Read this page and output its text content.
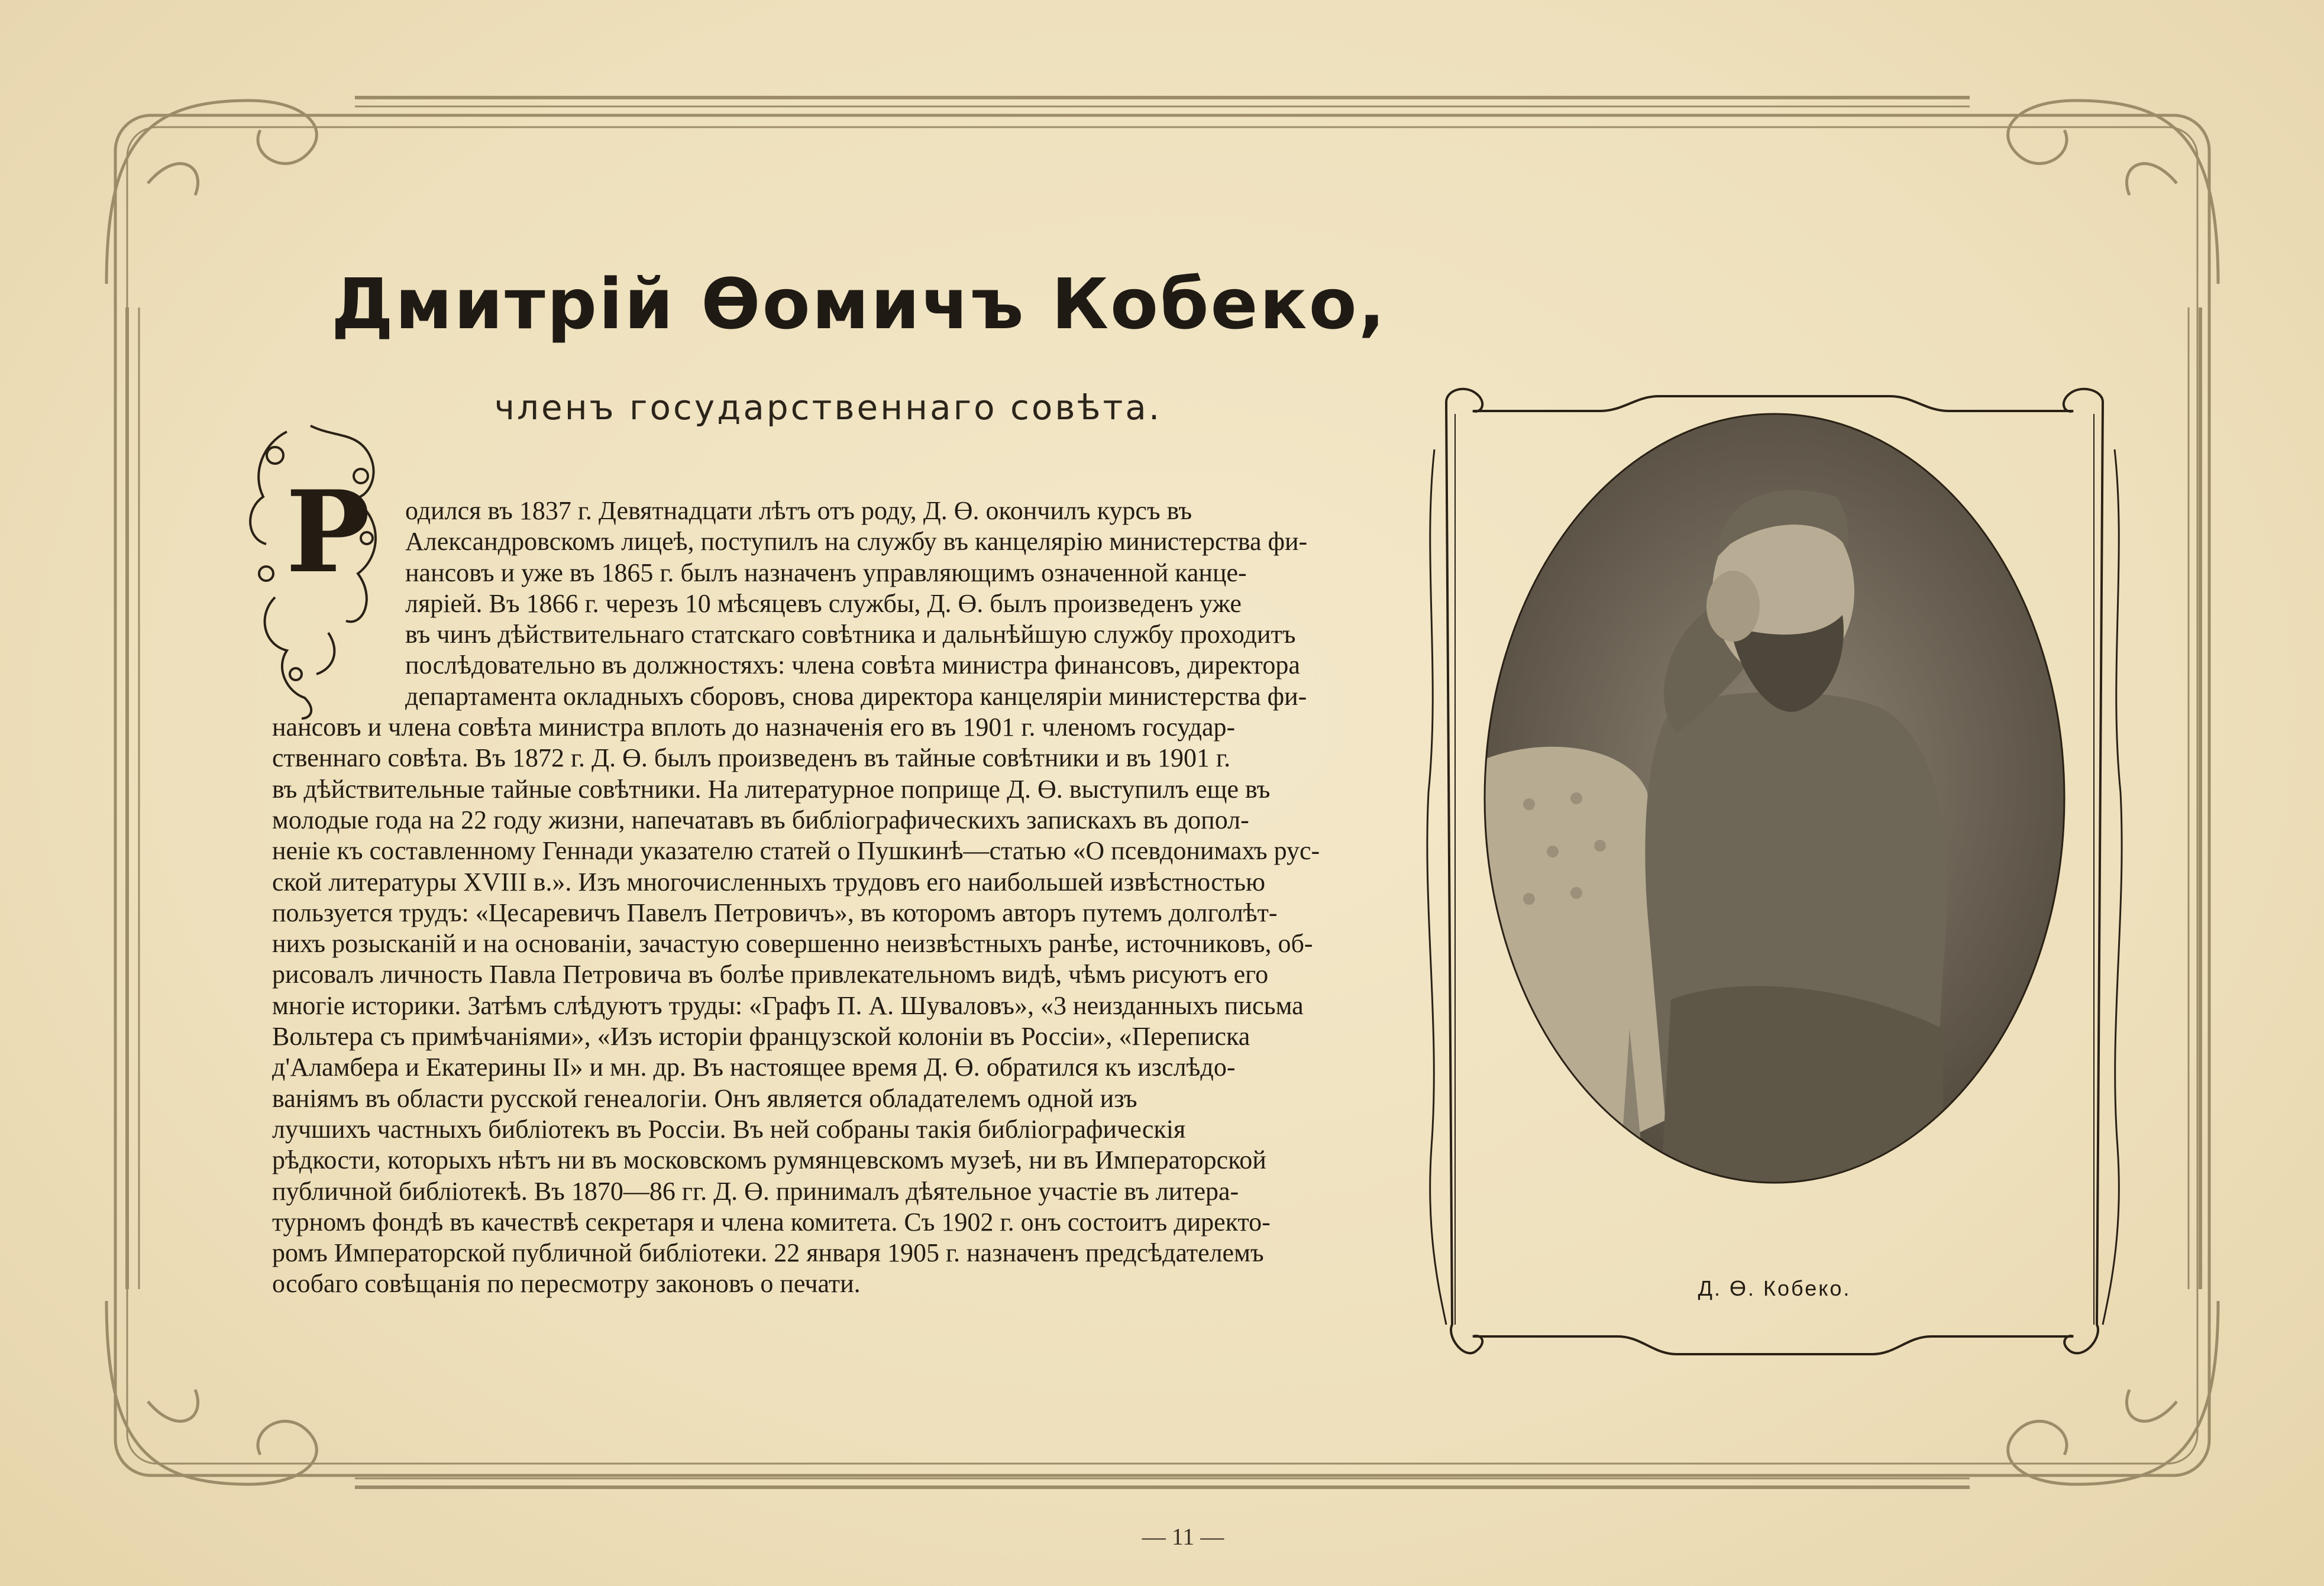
Дмитрій Өомичъ Кобеко,
членъ государственнаго совѣта.
Р	одился въ 1837 г. Девятнадцати лѣтъ отъ роду, Д. Ө. окончилъ курсъ въ
Александровскомъ лицеѣ, поступилъ на службу въ канцелярію министерства фи-
нансовъ и уже въ 1865 г. былъ назначенъ управляющимъ означенной канце-
ляріей. Въ 1866 г. черезъ 10 мѣсяцевъ службы, Д. Ө. былъ произведенъ уже
въ чинъ дѣйствительнаго статскаго совѣтника и дальнѣйшую службу проходитъ
послѣдовательно въ должностяхъ: члена совѣта министра финансовъ, директора
департамента окладныхъ сборовъ, снова директора канцеляріи министерства фи-
нансовъ и члена совѣта министра вплоть до назначенія его въ 1901 г. членомъ государ-
ственнаго совѣта. Въ 1872 г. Д. Ө. былъ произведенъ въ тайные совѣтники и въ 1901 г.
въ дѣйствительные тайные совѣтники. На литературное поприще Д. Ө. выступилъ еще въ
молодые года на 22 году жизни, напечатавъ въ библіографическихъ запискахъ въ допол-
неніе къ составленному Геннади указателю статей о Пушкинѣ—статью «О псевдонимахъ рус-
ской литературы XVIII в.». Изъ многочисленныхъ трудовъ его наибольшей извѣстностью
пользуется трудъ: «Цесаревичъ Павелъ Петровичъ», въ которомъ авторъ путемъ долголѣт-
нихъ розысканій и на основаніи, зачастую совершенно неизвѣстныхъ ранѣе, источниковъ, об-
рисовалъ личность Павла Петровича въ болѣе привлекательномъ видѣ, чѣмъ рисуютъ его
многіе историки. Затѣмъ слѣдуютъ труды: «Графъ П. А. Шуваловъ», «3 неизданныхъ письма
Вольтера съ примѣчаніями», «Изъ исторіи французской колоніи въ Россіи», «Переписка
д'Аламбера и Екатерины II» и мн. др. Въ настоящее время Д. Ө. обратился къ изслѣдо-
ваніямъ въ области русской генеалогіи. Онъ является обладателемъ одной изъ
лучшихъ частныхъ библіотекъ въ Россіи. Въ ней собраны такія библіографическія
рѣдкости, которыхъ нѣтъ ни въ московскомъ румянцевскомъ музеѣ, ни въ Императорской
публичной библіотекѣ. Въ 1870—86 гг. Д. Ө. принималъ дѣятельное участіе въ литера-
турномъ фондѣ въ качествѣ секретаря и члена комитета. Съ 1902 г. онъ состоитъ директо-
ромъ Императорской публичной библіотеки. 22 января 1905 г. назначенъ предсѣдателемъ
особаго совѣщанія по пересмотру законовъ о печати.	Д. Ө. Кобеко.
— 11 —
